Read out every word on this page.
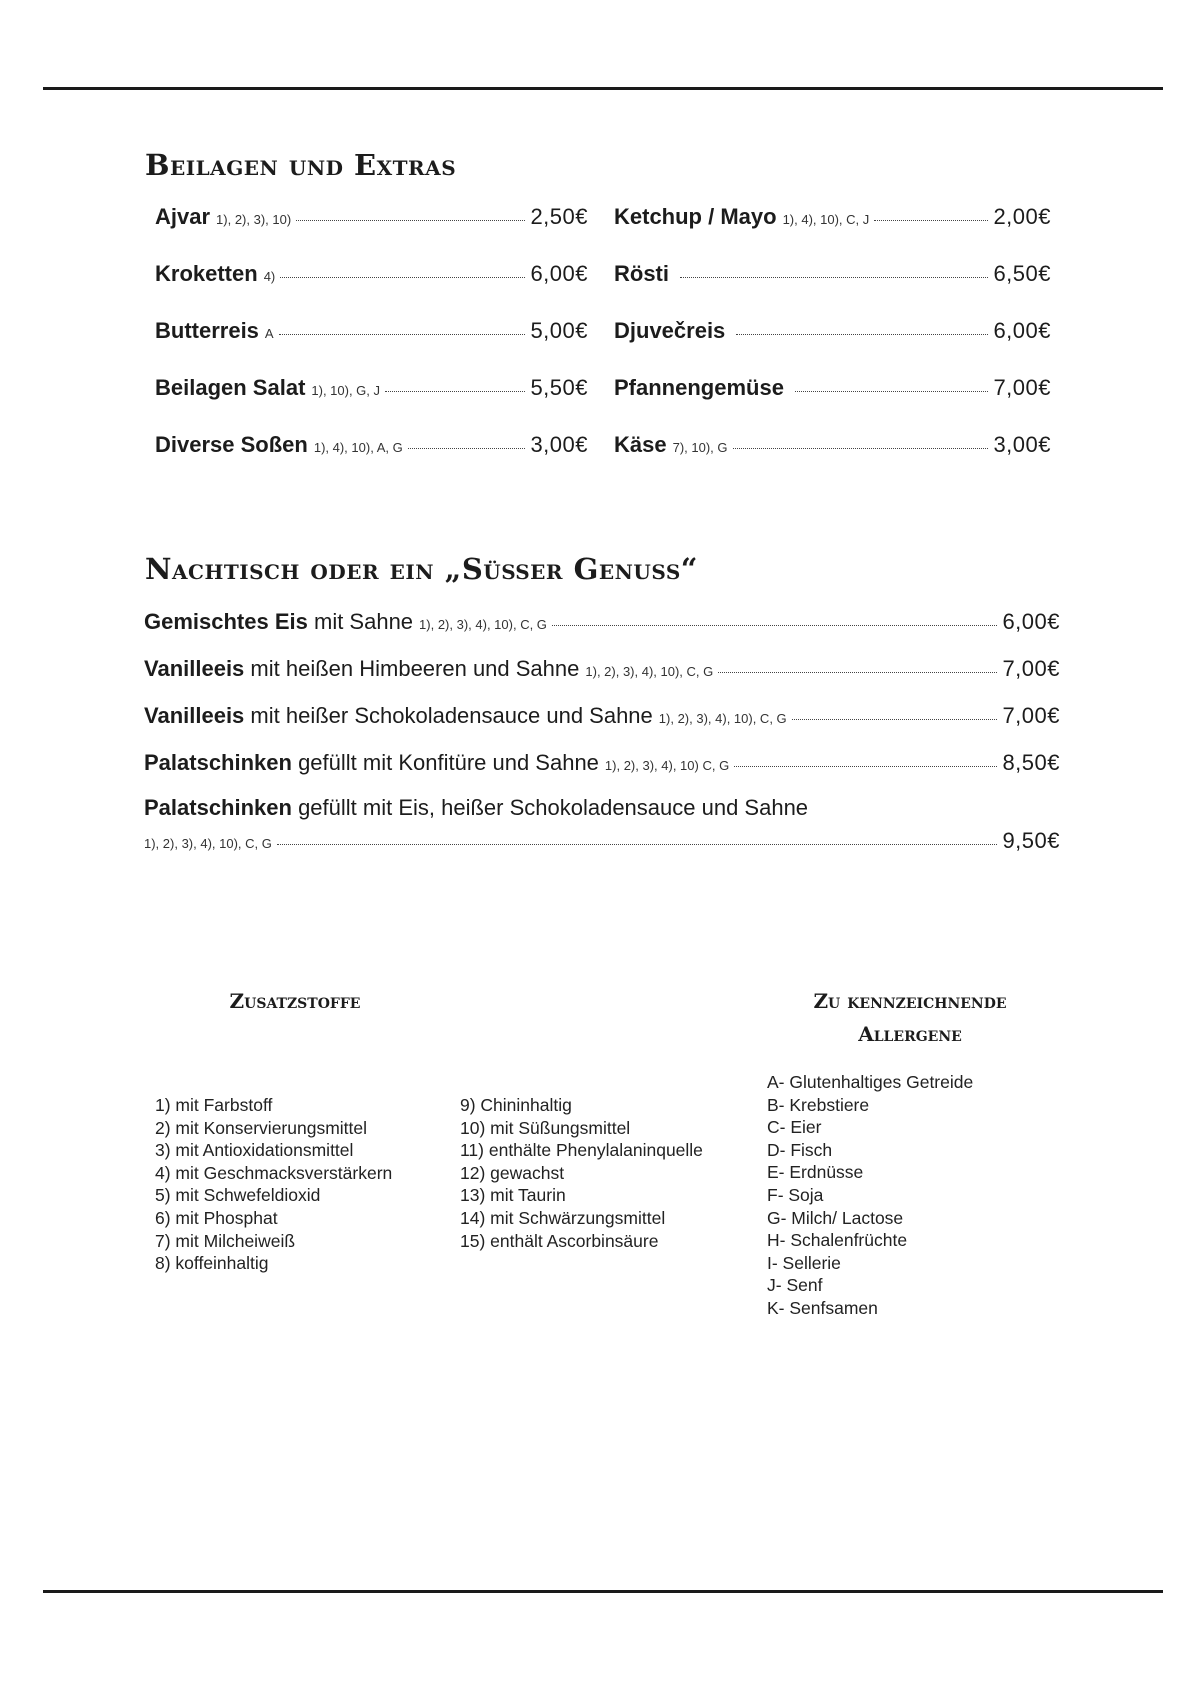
Beilagen und Extras
Ajvar 1), 2), 3), 10)	2,50€ Ketchup / Mayo 1), 4), 10), C, J	2,00€
Kroketten 4)	6,00€ Rösti	6,50€
Butterreis A	5,00€ Djuvečreis	6,00€
Beilagen Salat 1), 10), G, J	5,50€ Pfannengemüse	7,00€
Diverse Soßen 1), 4), 10), A, G	3,00€ Käse 7), 10), G	3,00€
Nachtisch oder ein „Süßer Genuss“
Gemischtes Eis mit Sahne 1), 2), 3), 4), 10), C, G	6,00€
Vanilleeis mit heißen Himbeeren und Sahne 1), 2), 3), 4), 10), C, G	7,00€
Vanilleeis mit heißer Schokoladensauce und Sahne 1), 2), 3), 4), 10), C, G	7,00€
Palatschinken gefüllt mit Konfitüre und Sahne 1), 2), 3), 4), 10) C, G	8,50€
Palatschinken gefüllt mit Eis, heißer Schokoladensauce und Sahne
1), 2), 3), 4), 10), C, G	9,50€
Zusatzstoffe	Zu kennzeichnende
Allergene
1) mit Farbstoff
2) mit Konservierungsmittel
3) mit Antioxidationsmittel
4) mit Geschmacksverstärkern
5) mit Schwefeldioxid
6) mit Phosphat
7) mit Milcheiweiß
8) koffeinhaltig
9) Chininhaltig
10) mit Süßungsmittel
11) enthälte Phenylalaninquelle
12) gewachst
13) mit Taurin
14) mit Schwärzungsmittel
15) enthält Ascorbinsäure
A- Glutenhaltiges Getreide
B- Krebstiere
C- Eier
D- Fisch
E- Erdnüsse
F- Soja
G- Milch/ Lactose
H- Schalenfrüchte
I- Sellerie
J- Senf
K- Senfsamen
